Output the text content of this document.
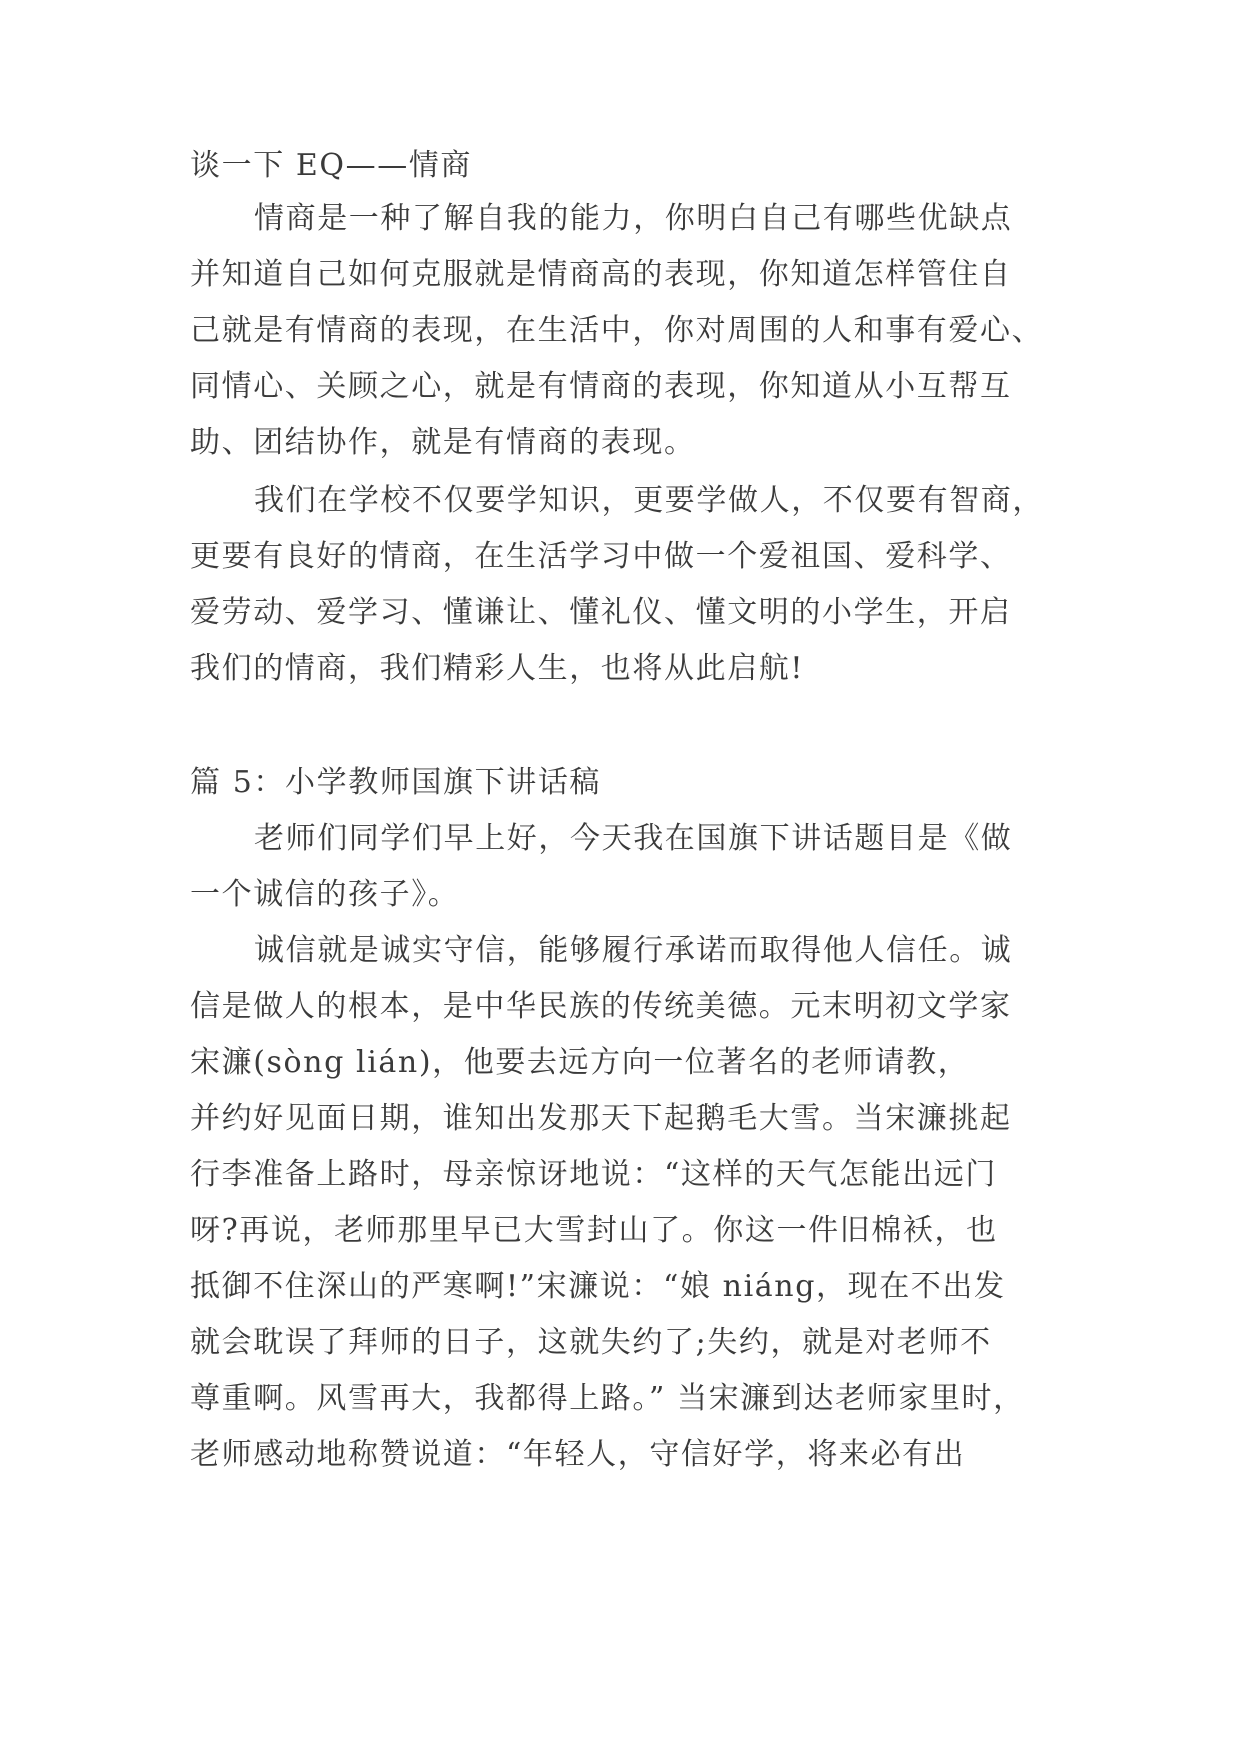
谈一下 EQ——情商
情商是一种了解自我的能力，你明白自己有哪些优缺点
并知道自己如何克服就是情商高的表现，你知道怎样管住自
己就是有情商的表现，在生活中，你对周围的人和事有爱心、
同情心、关顾之心，就是有情商的表现，你知道从小互帮互
助、团结协作，就是有情商的表现。
我们在学校不仅要学知识，更要学做人，不仅要有智商，
更要有良好的情商，在生活学习中做一个爱祖国、爱科学、
爱劳动、爱学习、懂谦让、懂礼仪、懂文明的小学生，开启
我们的情商，我们精彩人生，也将从此启航!
篇 5：小学教师国旗下讲话稿
老师们同学们早上好，今天我在国旗下讲话题目是《做
一个诚信的孩子》。
诚信就是诚实守信，能够履行承诺而取得他人信任。诚
信是做人的根本，是中华民族的传统美德。元末明初文学家
宋濂(sòng lián)，他要去远方向一位著名的老师请教，
并约好见面日期，谁知出发那天下起鹅毛大雪。当宋濂挑起
行李准备上路时，母亲惊讶地说：“这样的天气怎能出远门
呀?再说，老师那里早已大雪封山了。你这一件旧棉袄，也
抵御不住深山的严寒啊!”宋濂说：“娘 niáng，现在不出发
就会耽误了拜师的日子，这就失约了;失约，就是对老师不
尊重啊。风雪再大，我都得上路。” 当宋濂到达老师家里时，
老师感动地称赞说道：“年轻人，守信好学，将来必有出
